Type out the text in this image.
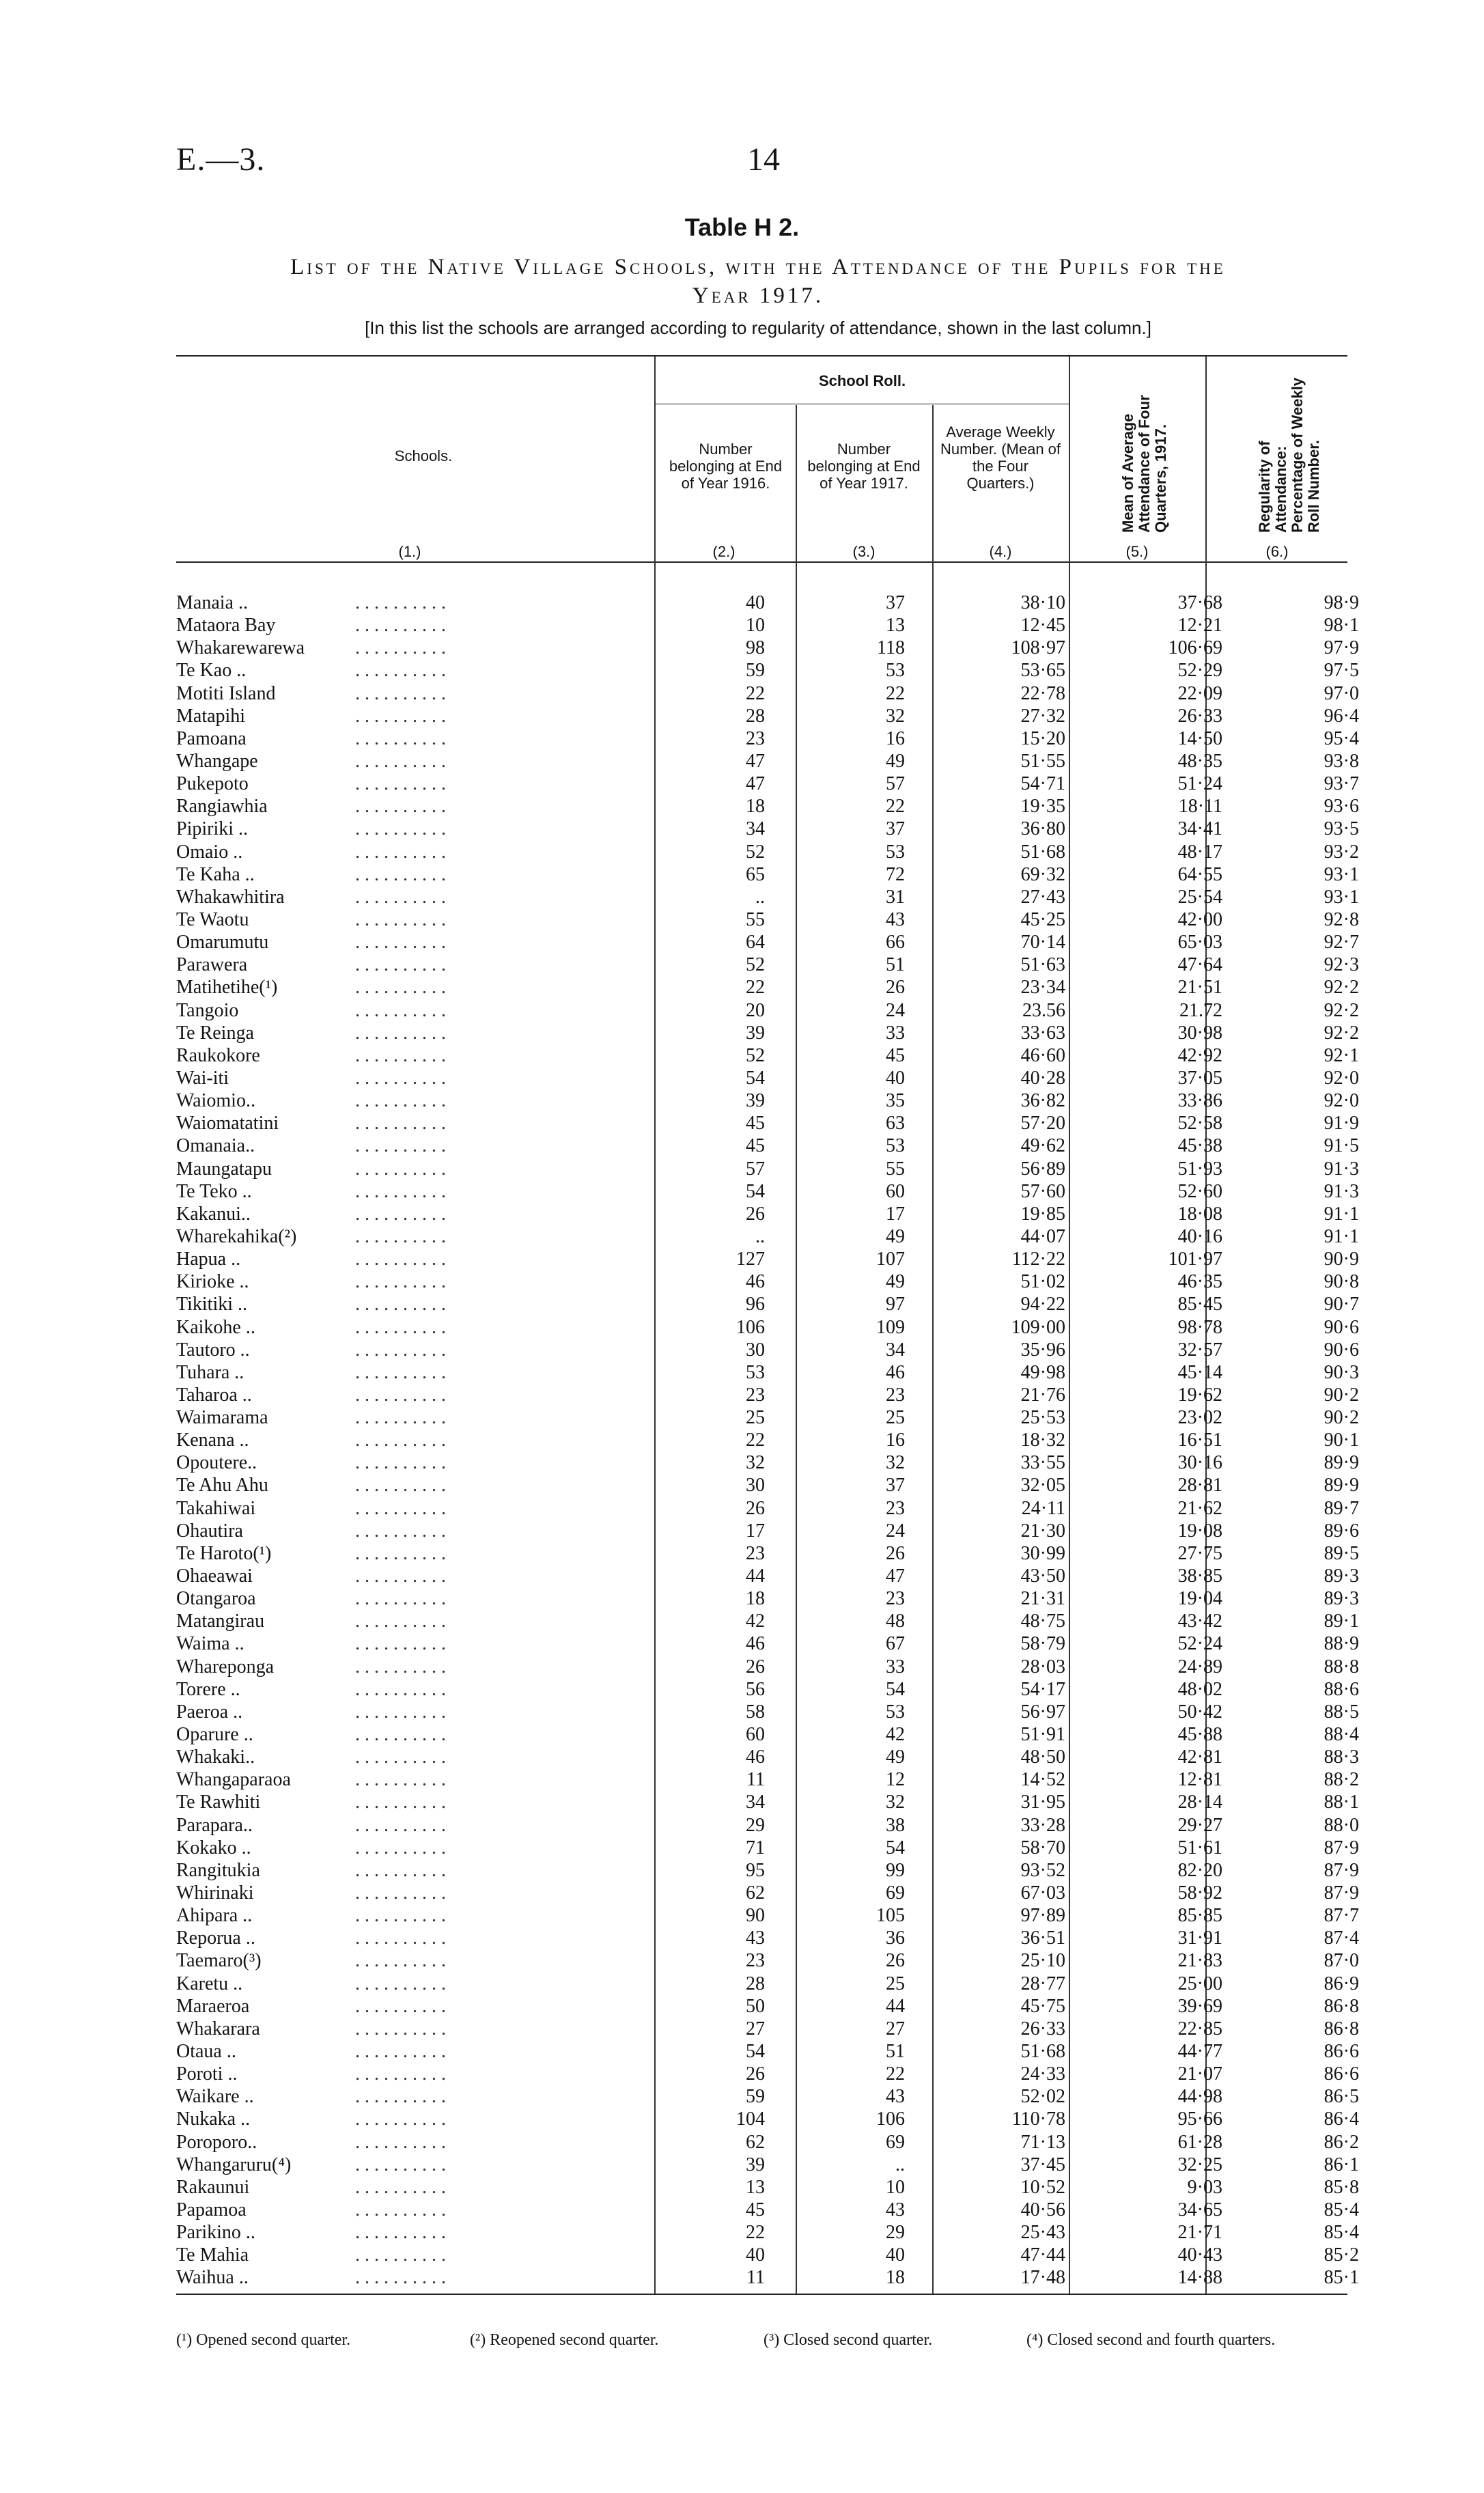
E.—3.	14
Table H 2.
List of the Native Village Schools, with the Attendance of the Pupils for the
Year 1917.
[In this list the schools are arranged according to regularity of attendance, shown in the last column.]
Schools.
School Roll.
Number belonging at End of Year 1916.
Number belonging at End of Year 1917.
Average Weekly Number. (Mean of the Four Quarters.)	Mean of Average Attendance of Four Quarters, 1917.	Regularity of Attendance: Percentage of Weekly Roll Number.
(1.)	(2.)	(3.)	(4.)	(5.)	(6.)
Manaia ..	. . . . . . . . . .	40	37	38·10	37·68	98·9
Mataora Bay	. . . . . . . . . .	10	13	12·45	12·21	98·1
Whakarewarewa	. . . . . . . . . .	98	118	108·97	106·69	97·9
Te Kao ..	. . . . . . . . . .	59	53	53·65	52·29	97·5
Motiti Island	. . . . . . . . . .	22	22	22·78	22·09	97·0
Matapihi	. . . . . . . . . .	28	32	27·32	26·33	96·4
Pamoana	. . . . . . . . . .	23	16	15·20	14·50	95·4
Whangape	. . . . . . . . . .	47	49	51·55	48·35	93·8
Pukepoto	. . . . . . . . . .	47	57	54·71	51·24	93·7
Rangiawhia	. . . . . . . . . .	18	22	19·35	18·11	93·6
Pipiriki ..	. . . . . . . . . .	34	37	36·80	34·41	93·5
Omaio ..	. . . . . . . . . .	52	53	51·68	48·17	93·2
Te Kaha ..	. . . . . . . . . .	65	72	69·32	64·55	93·1
Whakawhitira	. . . . . . . . . .	..	31	27·43	25·54	93·1
Te Waotu	. . . . . . . . . .	55	43	45·25	42·00	92·8
Omarumutu	. . . . . . . . . .	64	66	70·14	65·03	92·7
Parawera	. . . . . . . . . .	52	51	51·63	47·64	92·3
Matihetihe(¹)	. . . . . . . . . .	22	26	23·34	21·51	92·2
Tangoio	. . . . . . . . . .	20	24	23.56	21.72	92·2
Te Reinga	. . . . . . . . . .	39	33	33·63	30·98	92·2
Raukokore	. . . . . . . . . .	52	45	46·60	42·92	92·1
Wai-iti	. . . . . . . . . .	54	40	40·28	37·05	92·0
Waiomio..	. . . . . . . . . .	39	35	36·82	33·86	92·0
Waiomatatini	. . . . . . . . . .	45	63	57·20	52·58	91·9
Omanaia..	. . . . . . . . . .	45	53	49·62	45·38	91·5
Maungatapu	. . . . . . . . . .	57	55	56·89	51·93	91·3
Te Teko ..	. . . . . . . . . .	54	60	57·60	52·60	91·3
Kakanui..	. . . . . . . . . .	26	17	19·85	18·08	91·1
Wharekahika(²)	. . . . . . . . . .	..	49	44·07	40·16	91·1
Hapua ..	. . . . . . . . . .	127	107	112·22	101·97	90·9
Kirioke ..	. . . . . . . . . .	46	49	51·02	46·35	90·8
Tikitiki ..	. . . . . . . . . .	96	97	94·22	85·45	90·7
Kaikohe ..	. . . . . . . . . .	106	109	109·00	98·78	90·6
Tautoro ..	. . . . . . . . . .	30	34	35·96	32·57	90·6
Tuhara ..	. . . . . . . . . .	53	46	49·98	45·14	90·3
Taharoa ..	. . . . . . . . . .	23	23	21·76	19·62	90·2
Waimarama	. . . . . . . . . .	25	25	25·53	23·02	90·2
Kenana ..	. . . . . . . . . .	22	16	18·32	16·51	90·1
Opoutere..	. . . . . . . . . .	32	32	33·55	30·16	89·9
Te Ahu Ahu	. . . . . . . . . .	30	37	32·05	28·81	89·9
Takahiwai	. . . . . . . . . .	26	23	24·11	21·62	89·7
Ohautira	. . . . . . . . . .	17	24	21·30	19·08	89·6
Te Haroto(¹)	. . . . . . . . . .	23	26	30·99	27·75	89·5
Ohaeawai	. . . . . . . . . .	44	47	43·50	38·85	89·3
Otangaroa	. . . . . . . . . .	18	23	21·31	19·04	89·3
Matangirau	. . . . . . . . . .	42	48	48·75	43·42	89·1
Waima ..	. . . . . . . . . .	46	67	58·79	52·24	88·9
Whareponga	. . . . . . . . . .	26	33	28·03	24·89	88·8
Torere ..	. . . . . . . . . .	56	54	54·17	48·02	88·6
Paeroa ..	. . . . . . . . . .	58	53	56·97	50·42	88·5
Oparure ..	. . . . . . . . . .	60	42	51·91	45·88	88·4
Whakaki..	. . . . . . . . . .	46	49	48·50	42·81	88·3
Whangaparaoa	. . . . . . . . . .	11	12	14·52	12·81	88·2
Te Rawhiti	. . . . . . . . . .	34	32	31·95	28·14	88·1
Parapara..	. . . . . . . . . .	29	38	33·28	29·27	88·0
Kokako ..	. . . . . . . . . .	71	54	58·70	51·61	87·9
Rangitukia	. . . . . . . . . .	95	99	93·52	82·20	87·9
Whirinaki	. . . . . . . . . .	62	69	67·03	58·92	87·9
Ahipara ..	. . . . . . . . . .	90	105	97·89	85·85	87·7
Reporua ..	. . . . . . . . . .	43	36	36·51	31·91	87·4
Taemaro(³)	. . . . . . . . . .	23	26	25·10	21·83	87·0
Karetu ..	. . . . . . . . . .	28	25	28·77	25·00	86·9
Maraeroa	. . . . . . . . . .	50	44	45·75	39·69	86·8
Whakarara	. . . . . . . . . .	27	27	26·33	22·85	86·8
Otaua ..	. . . . . . . . . .	54	51	51·68	44·77	86·6
Poroti ..	. . . . . . . . . .	26	22	24·33	21·07	86·6
Waikare ..	. . . . . . . . . .	59	43	52·02	44·98	86·5
Nukaka ..	. . . . . . . . . .	104	106	110·78	95·66	86·4
Poroporo..	. . . . . . . . . .	62	69	71·13	61·28	86·2
Whangaruru(⁴)	. . . . . . . . . .	39	..	37·45	32·25	86·1
Rakaunui	. . . . . . . . . .	13	10	10·52	9·03	85·8
Papamoa	. . . . . . . . . .	45	43	40·56	34·65	85·4
Parikino ..	. . . . . . . . . .	22	29	25·43	21·71	85·4
Te Mahia	. . . . . . . . . .	40	40	47·44	40·43	85·2
Waihua ..	. . . . . . . . . .	11	18	17·48	14·88	85·1
(¹) Opened second quarter.	(²) Reopened second quarter.	(³) Closed second quarter.	(⁴) Closed second and fourth quarters.
